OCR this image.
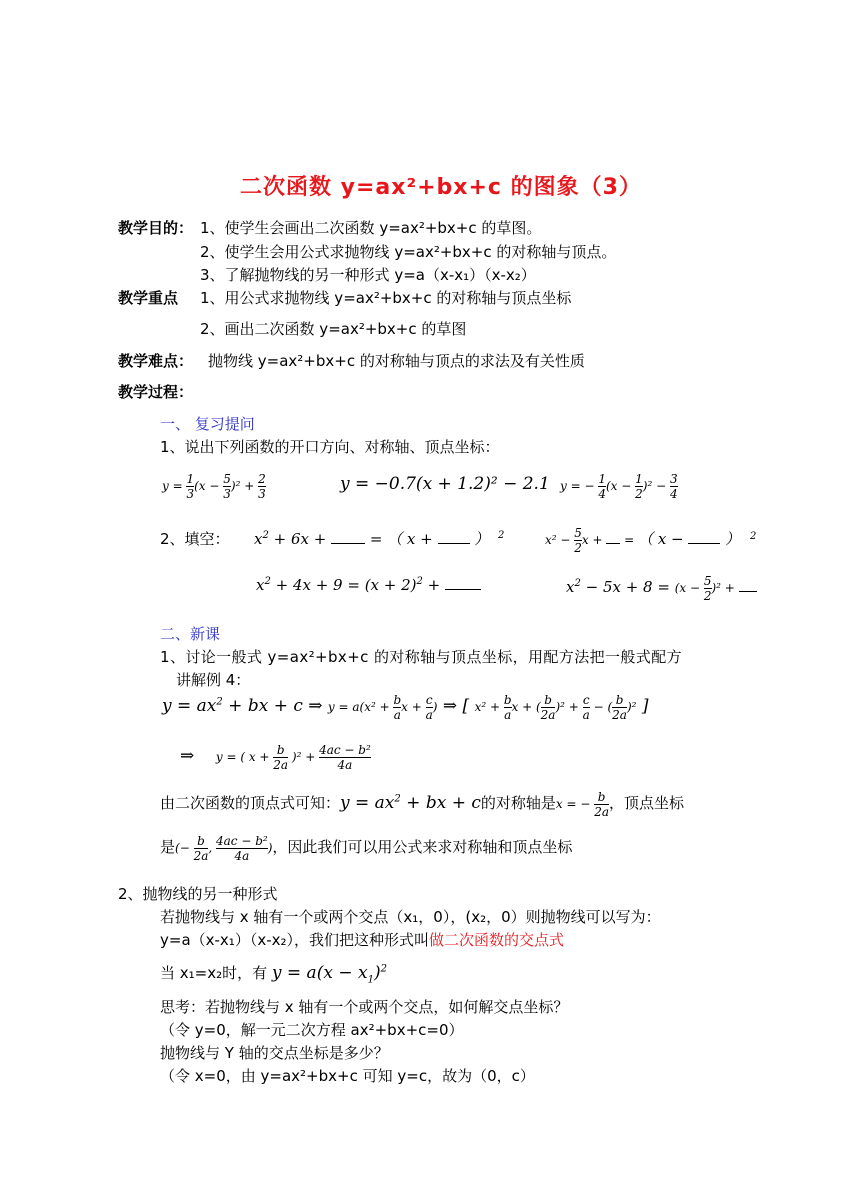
二次函数 y=ax²+bx+c 的图象（3）
教学目的： 1、使学生会画出二次函数 y=ax²+bx+c 的草图。
2、使学生会用公式求抛物线 y=ax²+bx+c 的对称轴与顶点。
3、了解抛物线的另一种形式 y=a（x-x₁）（x-x₂）
教学重点 1、用公式求抛物线 y=ax²+bx+c 的对称轴与顶点坐标
2、画出二次函数 y=ax²+bx+c 的草图
教学难点： 抛物线 y=ax²+bx+c 的对称轴与顶点的求法及有关性质
教学过程：
一、 复习提问
1、说出下列函数的开口方向、对称轴、顶点坐标：
$y = \frac{1}{3} (x - \frac{5}{3} )^2 + \frac{2}{3}$	y = −0.7(x + 1.2)² − 2.1 y = − $\frac{1}{4} (x - \frac{1}{2} )^2 - \frac{3}{4}$
2、填空： $x^2 + 6x$ +  = （ x +  ） $^2$	$x^2 - \frac{5}{2}$ x +  = （ x −  ） $^2$
$x^2 + 4x + 9 = (x + 2)^2$ +	$x^2 - 5x + 8 = (x - \frac{5}{2} )^2$ +
二、新课
1、讨论一般式 y=ax²+bx+c 的对称轴与顶点坐标，用配方法把一般式配方
讲解例 4：
$y = ax^2$ + bx + c ⇒ $y = a(x^2 + \frac{b}{a}$ $x + \frac{c}{a}$ ) ⇒ [ $x^2 + \frac{b}{a}$ x + ( $\frac{b}{2a} )^2 + \frac{c}{a}$ − ( $\frac{b}{2a} )^2$ ]
⇒    y = ( $x + \frac{b}{2a} )^2 + \frac{\text{4ac − b²}}{4a}$
由二次函数的顶点式可知：$y = ax^2$ + bx + c的对称轴是x = − $\frac{b}{2a}$ ，顶点坐标
是(− $\frac{b}{2a}$ , $\frac{\text{4ac − b²}}{4a}$ )，因此我们可以用公式来求对称轴和顶点坐标
2、抛物线的另一种形式
若抛物线与 x 轴有一个或两个交点（x₁，0），(x₂，0）则抛物线可以写为：
y=a（x-x₁）（x-x₂），我们把这种形式叫做二次函数的交点式
当 x₁=x₂时，有 $y = a(x - x_1)^2$
思考：若抛物线与 x 轴有一个或两个交点，如何解交点坐标？
（令 y=0，解一元二次方程 ax²+bx+c=0）
抛物线与 Y 轴的交点坐标是多少？
（令 x=0，由 y=ax²+bx+c 可知 y=c，故为（0，c）
